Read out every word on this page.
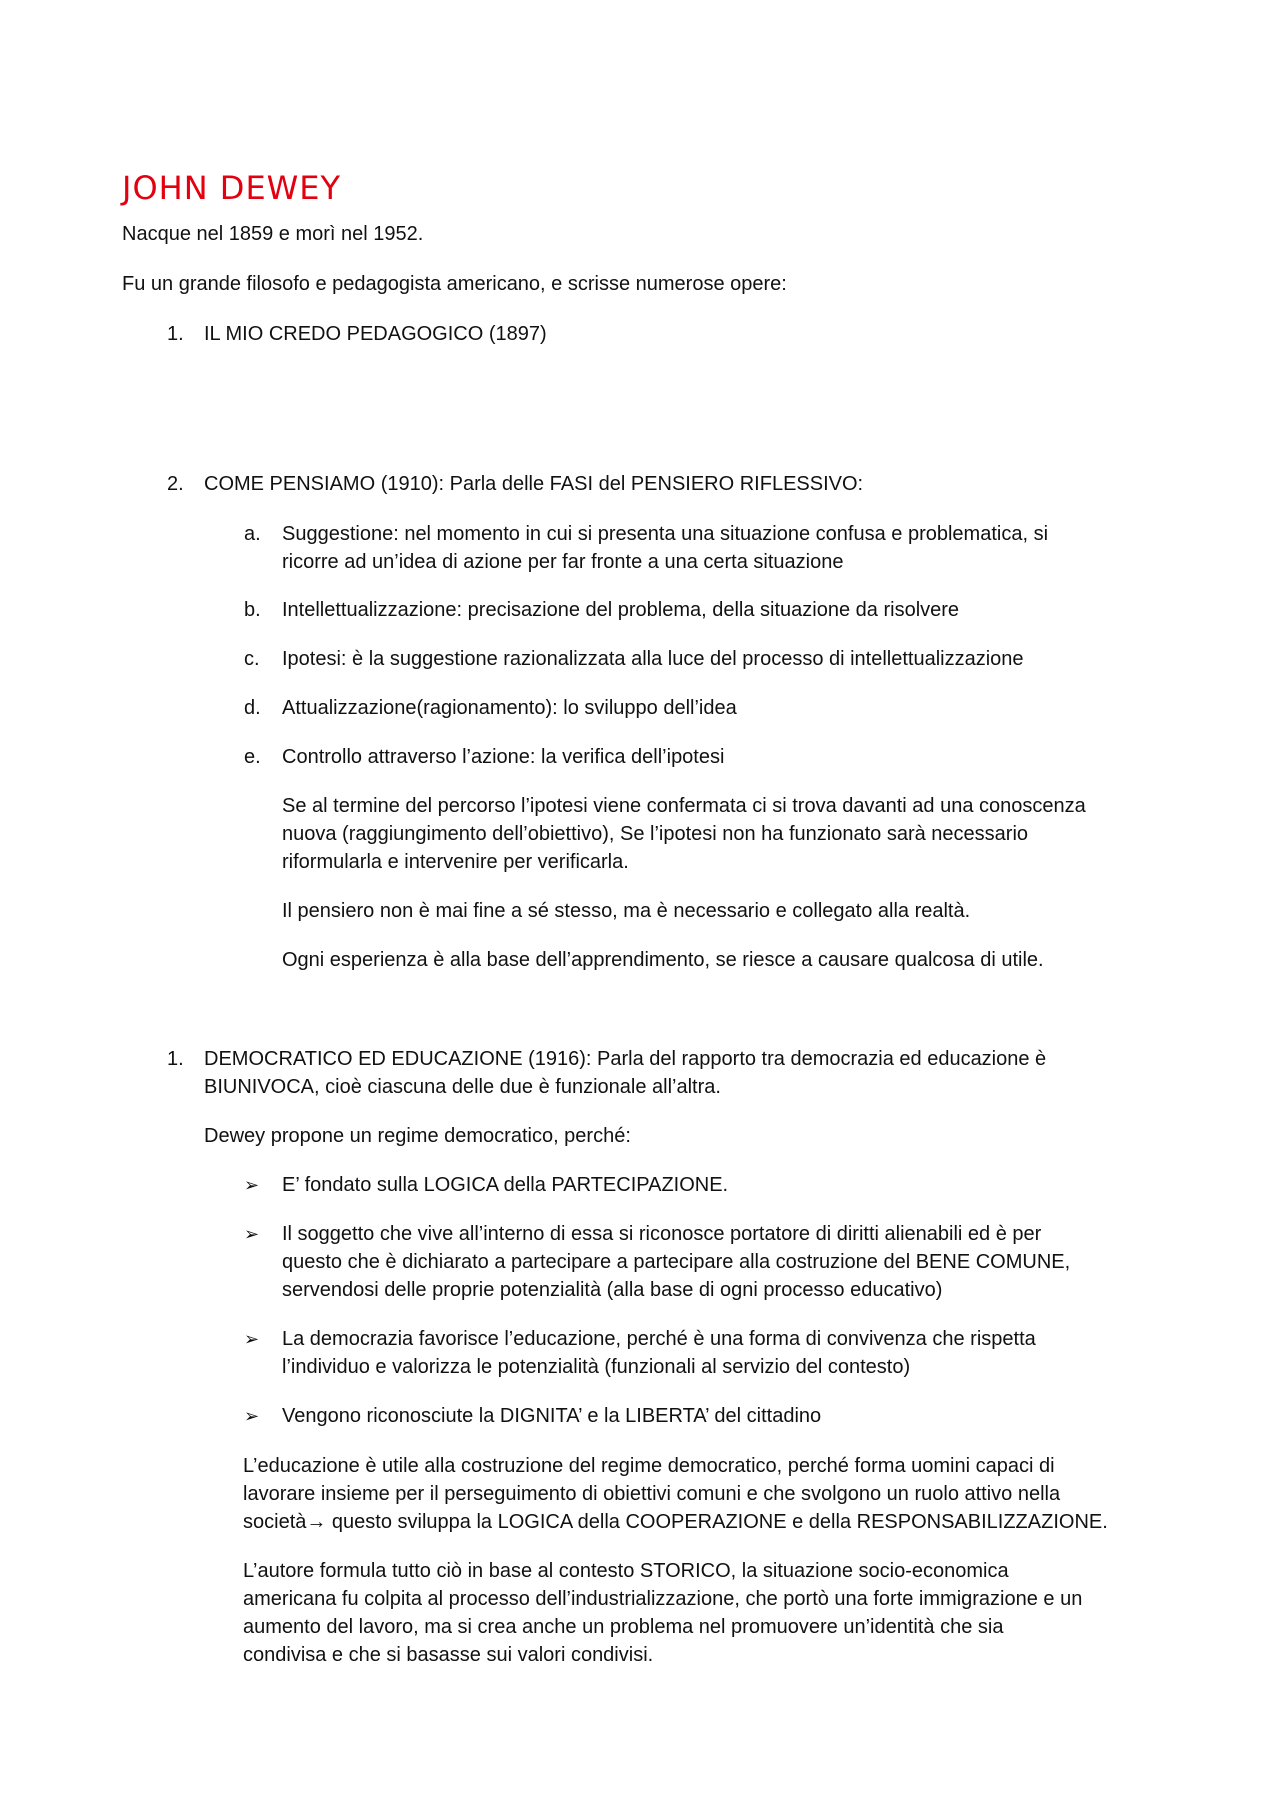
JOHN DEWEY

Nacque nel 1859 e morì nel 1952.

Fu un grande filosofo e pedagogista americano, e scrisse numerose opere:

1. IL MIO CREDO PEDAGOGICO (1897)
2. COME PENSIAMO (1910): Parla delle FASI del PENSIERO RIFLESSIVO:
a. Suggestione: nel momento in cui si presenta una situazione confusa e problematica, si
ricorre ad un’idea di azione per far fronte a una certa situazione
b. Intellettualizzazione: precisazione del problema, della situazione da risolvere
c. Ipotesi: è la suggestione razionalizzata alla luce del processo di intellettualizzazione
d. Attualizzazione(ragionamento): lo sviluppo dell’idea
e. Controllo attraverso l’azione: la verifica dell’ipotesi
Se al termine del percorso l’ipotesi viene confermata ci si trova davanti ad una conoscenza
nuova (raggiungimento dell’obiettivo), Se l’ipotesi non ha funzionato sarà necessario
riformularla e intervenire per verificarla.

Il pensiero non è mai fine a sé stesso, ma è necessario e collegato alla realtà.

Ogni esperienza è alla base dell’apprendimento, se riesce a causare qualcosa di utile.

1. DEMOCRATICO ED EDUCAZIONE (1916): Parla del rapporto tra democrazia ed educazione è
BIUNIVOCA, cioè ciascuna delle due è funzionale all’altra.

Dewey propone un regime democratico, perché:

➢ E’ fondato sulla LOGICA della PARTECIPAZIONE.
➢ Il soggetto che vive all’interno di essa si riconosce portatore di diritti alienabili ed è per
questo che è dichiarato a partecipare a partecipare alla costruzione del BENE COMUNE,
servendosi delle proprie potenzialità (alla base di ogni processo educativo)
➢ La democrazia favorisce l’educazione, perché è una forma di convivenza che rispetta
l’individuo e valorizza le potenzialità (funzionali al servizio del contesto)
➢ Vengono riconosciute la DIGNITA’ e la LIBERTA’ del cittadino
L’educazione è utile alla costruzione del regime democratico, perché forma uomini capaci di
lavorare insieme per il perseguimento di obiettivi comuni e che svolgono un ruolo attivo nella
società→ questo sviluppa la LOGICA della COOPERAZIONE e della RESPONSABILIZZAZIONE.
L’autore formula tutto ciò in base al contesto STORICO, la situazione socio-economica
americana fu colpita al processo dell’industrializzazione, che portò una forte immigrazione e un
aumento del lavoro, ma si crea anche un problema nel promuovere un’identità che sia
condivisa e che si basasse sui valori condivisi.
